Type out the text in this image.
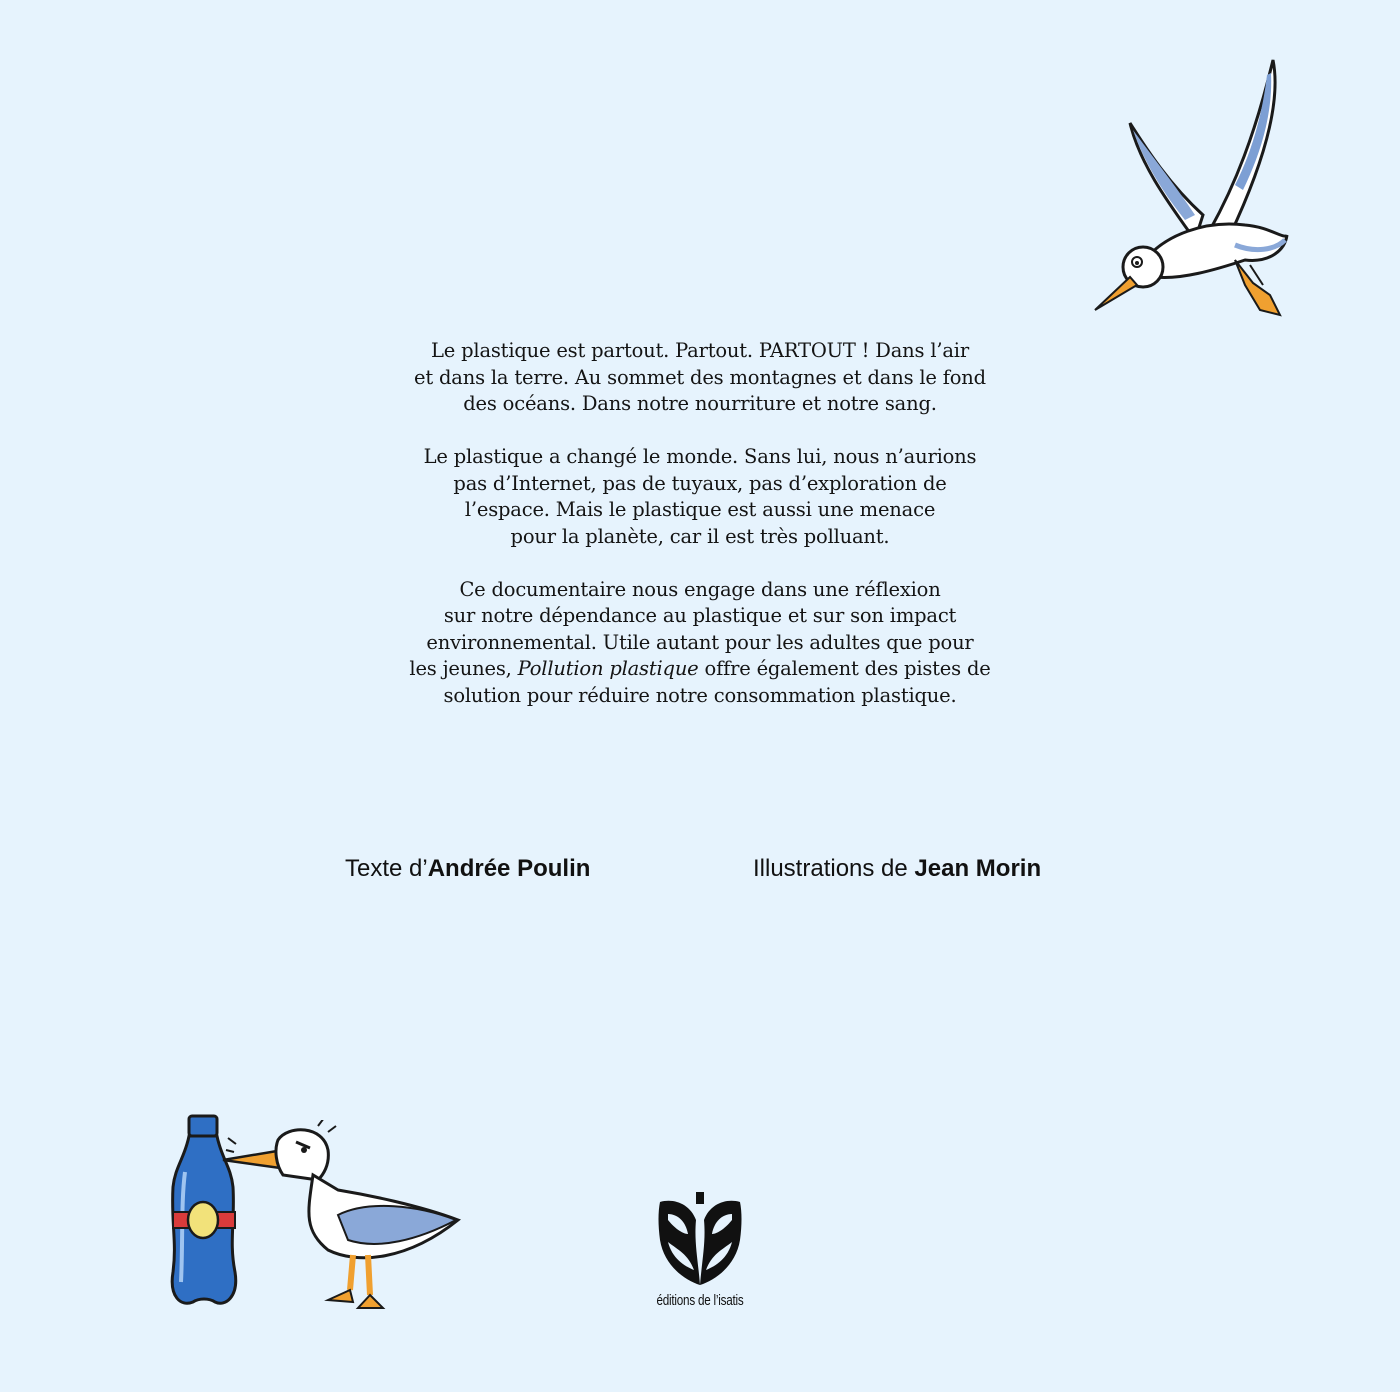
Le plastique est partout. Partout. PARTOUT ! Dans l’air
et dans la terre. Au sommet des montagnes et dans le fond
des océans. Dans notre nourriture et notre sang.

Le plastique a changé le monde. Sans lui, nous n’aurions
pas d’Internet, pas de tuyaux, pas d’exploration de
l’espace. Mais le plastique est aussi une menace
pour la planète, car il est très polluant.

Ce documentaire nous engage dans une réflexion
sur notre dépendance au plastique et sur son impact
environnemental. Utile autant pour les adultes que pour
les jeunes, Pollution plastique offre également des pistes de
solution pour réduire notre consommation plastique.

Texte d’Andrée Poulin	Illustrations de Jean Morin
éditions de l’isatis
